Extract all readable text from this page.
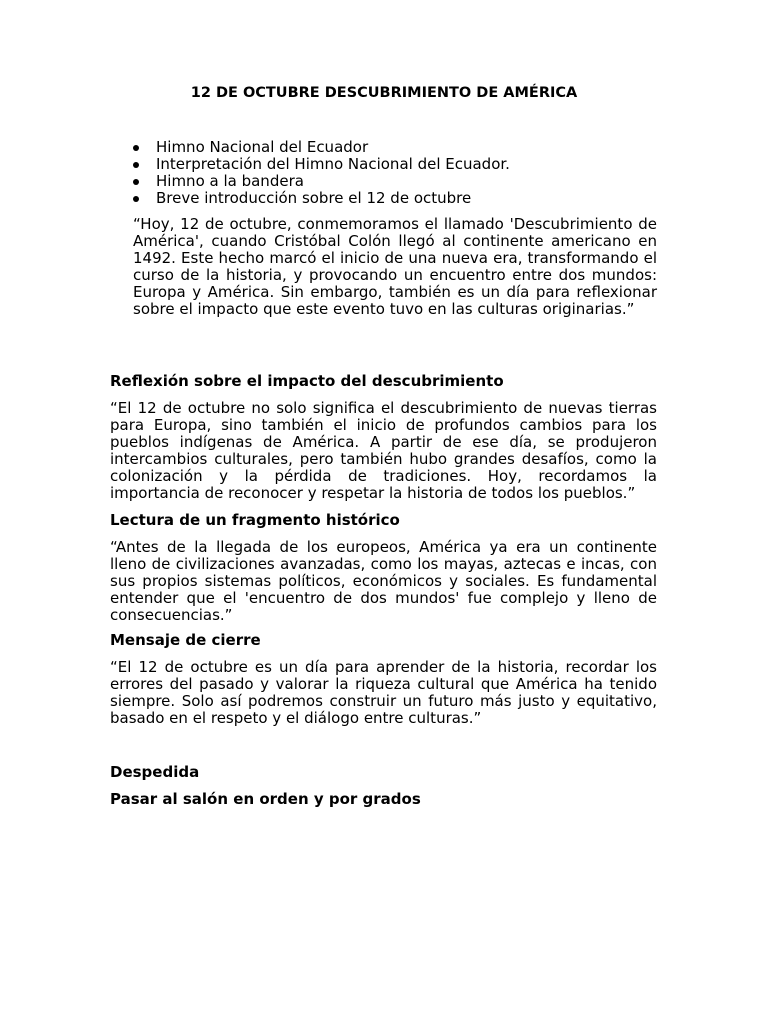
12 DE OCTUBRE DESCUBRIMIENTO DE AMÉRICA
Himno Nacional del Ecuador
Interpretación del Himno Nacional del Ecuador.
Himno a la bandera
Breve introducción sobre el 12 de octubre

“Hoy, 12 de octubre, conmemoramos el llamado 'Descubrimiento de América', cuando Cristóbal Colón llegó al continente americano en 1492. Este hecho marcó el inicio de una nueva era, transformando el curso de la historia, y provocando un encuentro entre dos mundos: Europa y América. Sin embargo, también es un día para reflexionar sobre el impacto que este evento tuvo en las culturas originarias.”

Reflexión sobre el impacto del descubrimiento

“El 12 de octubre no solo significa el descubrimiento de nuevas tierras para Europa, sino también el inicio de profundos cambios para los pueblos indígenas de América. A partir de ese día, se produjeron intercambios culturales, pero también hubo grandes desafíos, como la colonización y la pérdida de tradiciones. Hoy, recordamos la importancia de reconocer y respetar la historia de todos los pueblos.”

Lectura de un fragmento histórico

“Antes de la llegada de los europeos, América ya era un continente lleno de civilizaciones avanzadas, como los mayas, aztecas e incas, con sus propios sistemas políticos, económicos y sociales. Es fundamental entender que el 'encuentro de dos mundos' fue complejo y lleno de consecuencias.”

Mensaje de cierre

“El 12 de octubre es un día para aprender de la historia, recordar los errores del pasado y valorar la riqueza cultural que América ha tenido siempre. Solo así podremos construir un futuro más justo y equitativo, basado en el respeto y el diálogo entre culturas.”

Despedida
Pasar al salón en orden y por grados
